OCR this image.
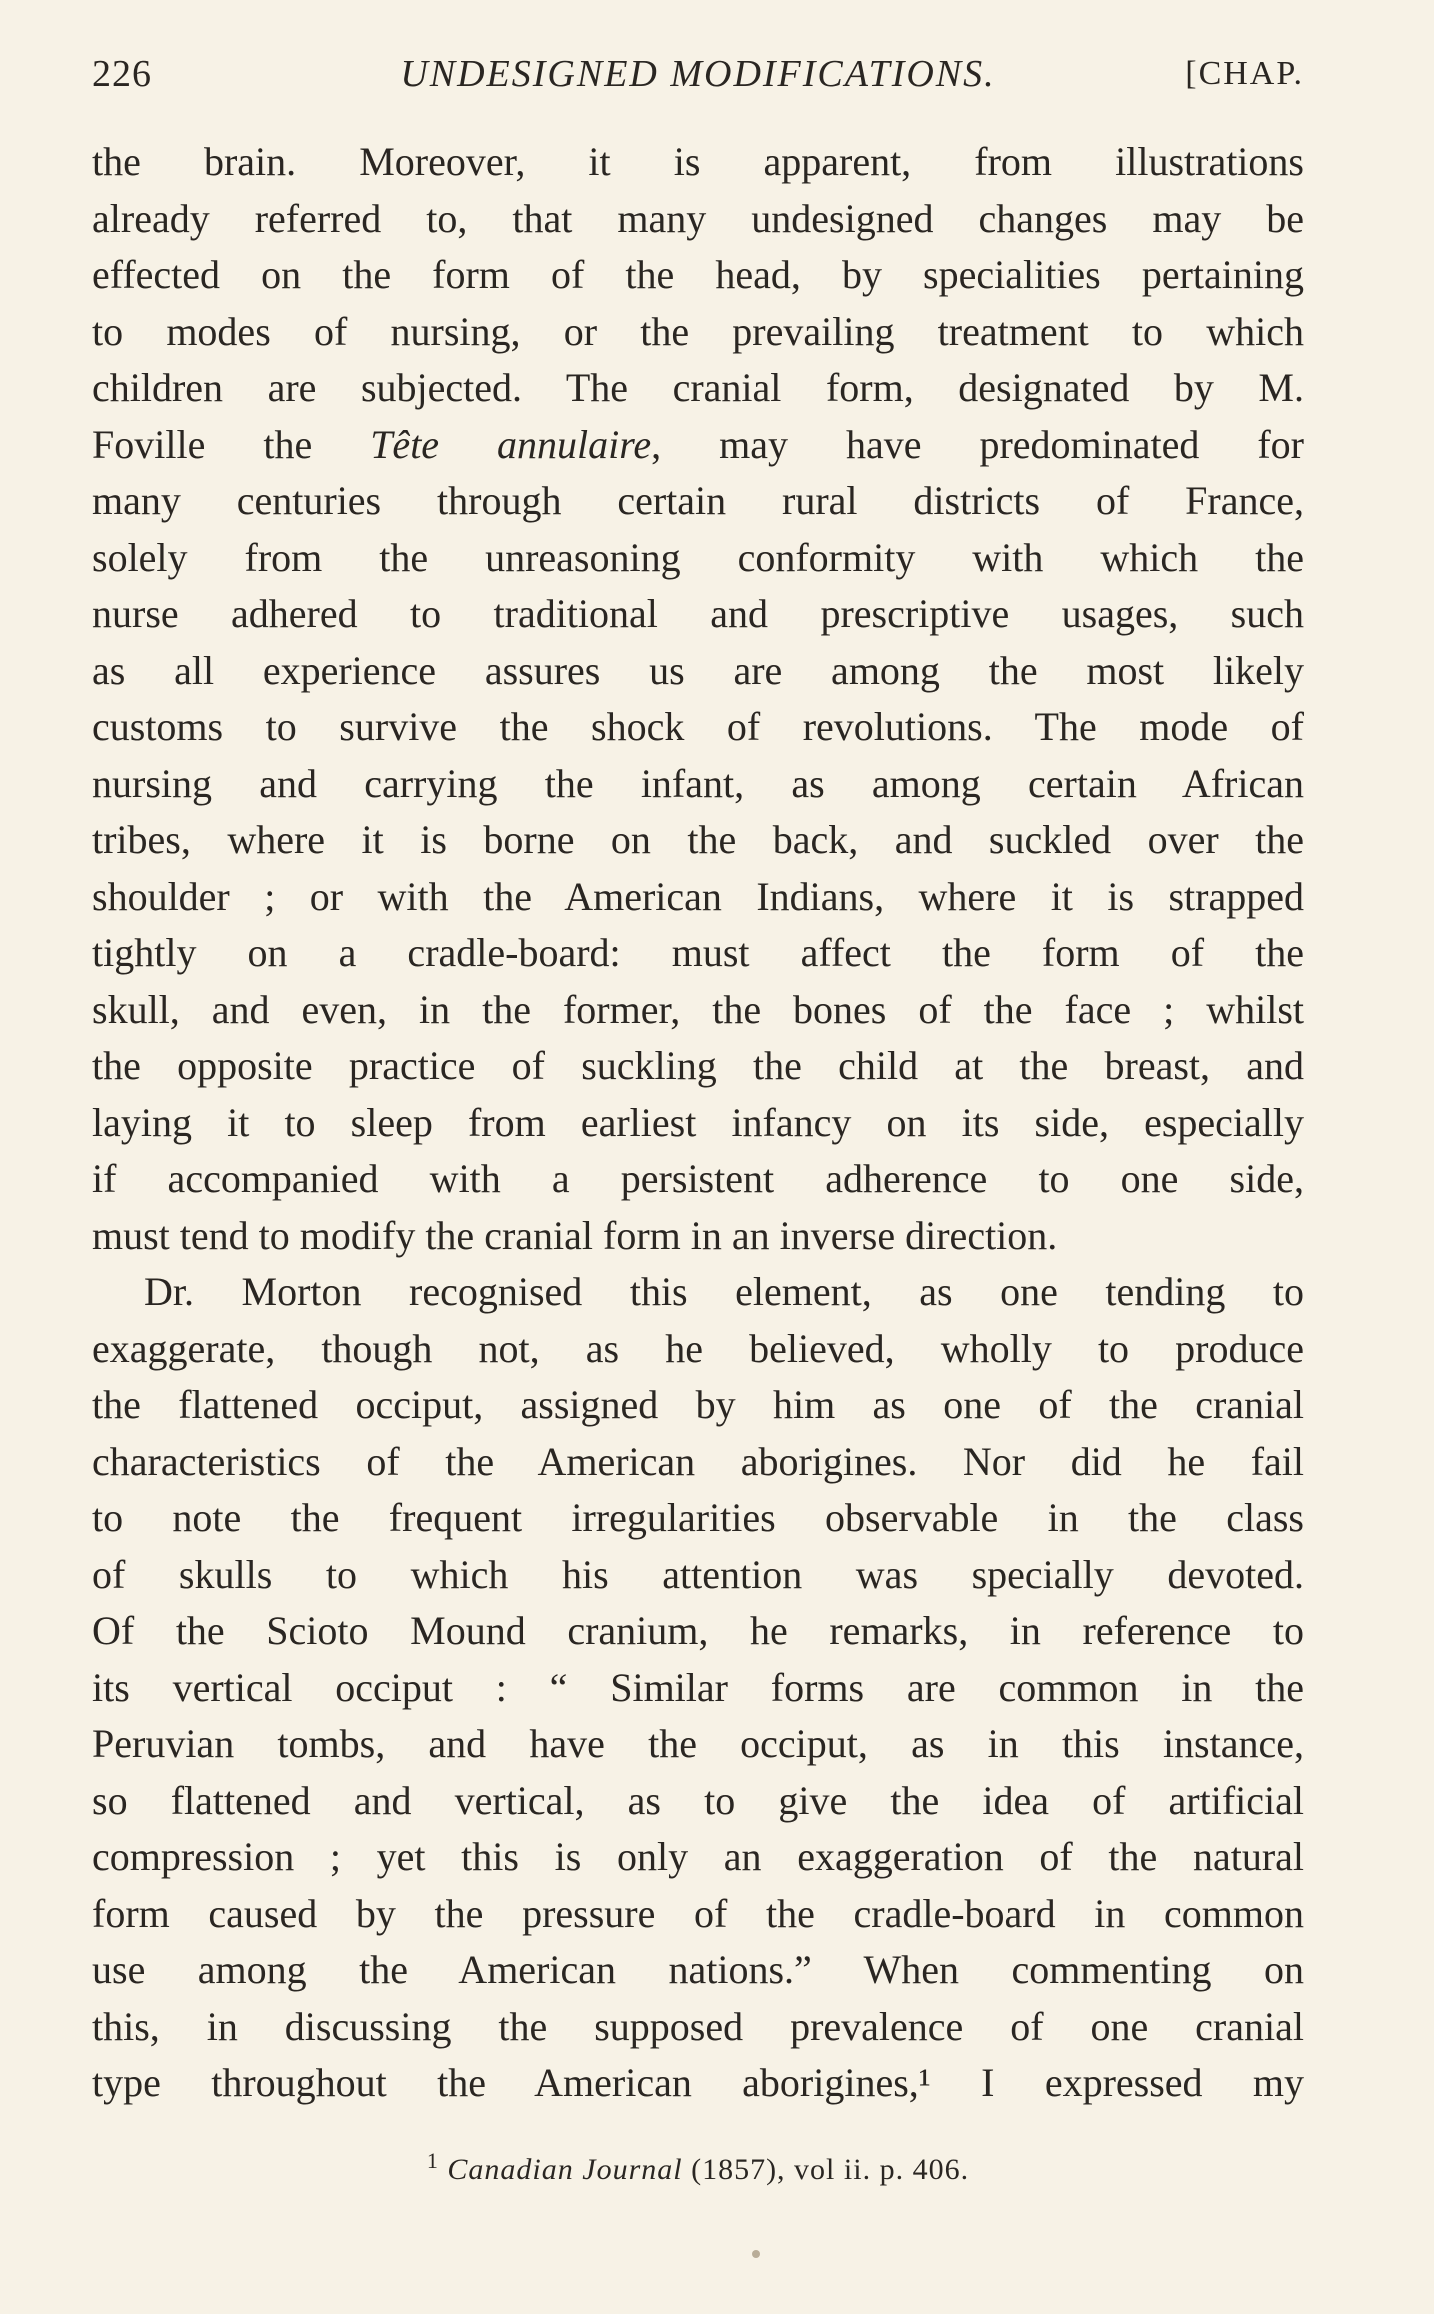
226	UNDESIGNED MODIFICATIONS.	[CHAP.
the brain. Moreover, it is apparent, from illustrations
already referred to, that many undesigned changes may be
effected on the form of the head, by specialities pertaining
to modes of nursing, or the prevailing treatment to which
children are subjected. The cranial form, designated by M.
Foville the Tête annulaire, may have predominated for
many centuries through certain rural districts of France,
solely from the unreasoning conformity with which the
nurse adhered to traditional and prescriptive usages, such
as all experience assures us are among the most likely
customs to survive the shock of revolutions. The mode of
nursing and carrying the infant, as among certain African
tribes, where it is borne on the back, and suckled over the
shoulder ; or with the American Indians, where it is strapped
tightly on a cradle-board: must affect the form of the
skull, and even, in the former, the bones of the face ; whilst
the opposite practice of suckling the child at the breast, and
laying it to sleep from earliest infancy on its side, especially
if accompanied with a persistent adherence to one side,
must tend to modify the cranial form in an inverse direction.
Dr. Morton recognised this element, as one tending to
exaggerate, though not, as he believed, wholly to produce
the flattened occiput, assigned by him as one of the cranial
characteristics of the American aborigines. Nor did he fail
to note the frequent irregularities observable in the class
of skulls to which his attention was specially devoted.
Of the Scioto Mound cranium, he remarks, in reference to
its vertical occiput : “ Similar forms are common in the
Peruvian tombs, and have the occiput, as in this instance,
so flattened and vertical, as to give the idea of artificial
compression ; yet this is only an exaggeration of the natural
form caused by the pressure of the cradle-board in common
use among the American nations.” When commenting on
this, in discussing the supposed prevalence of one cranial
type throughout the American aborigines,¹ I expressed my
$^1$ Canadian Journal (1857), vol ii. p. 406.
